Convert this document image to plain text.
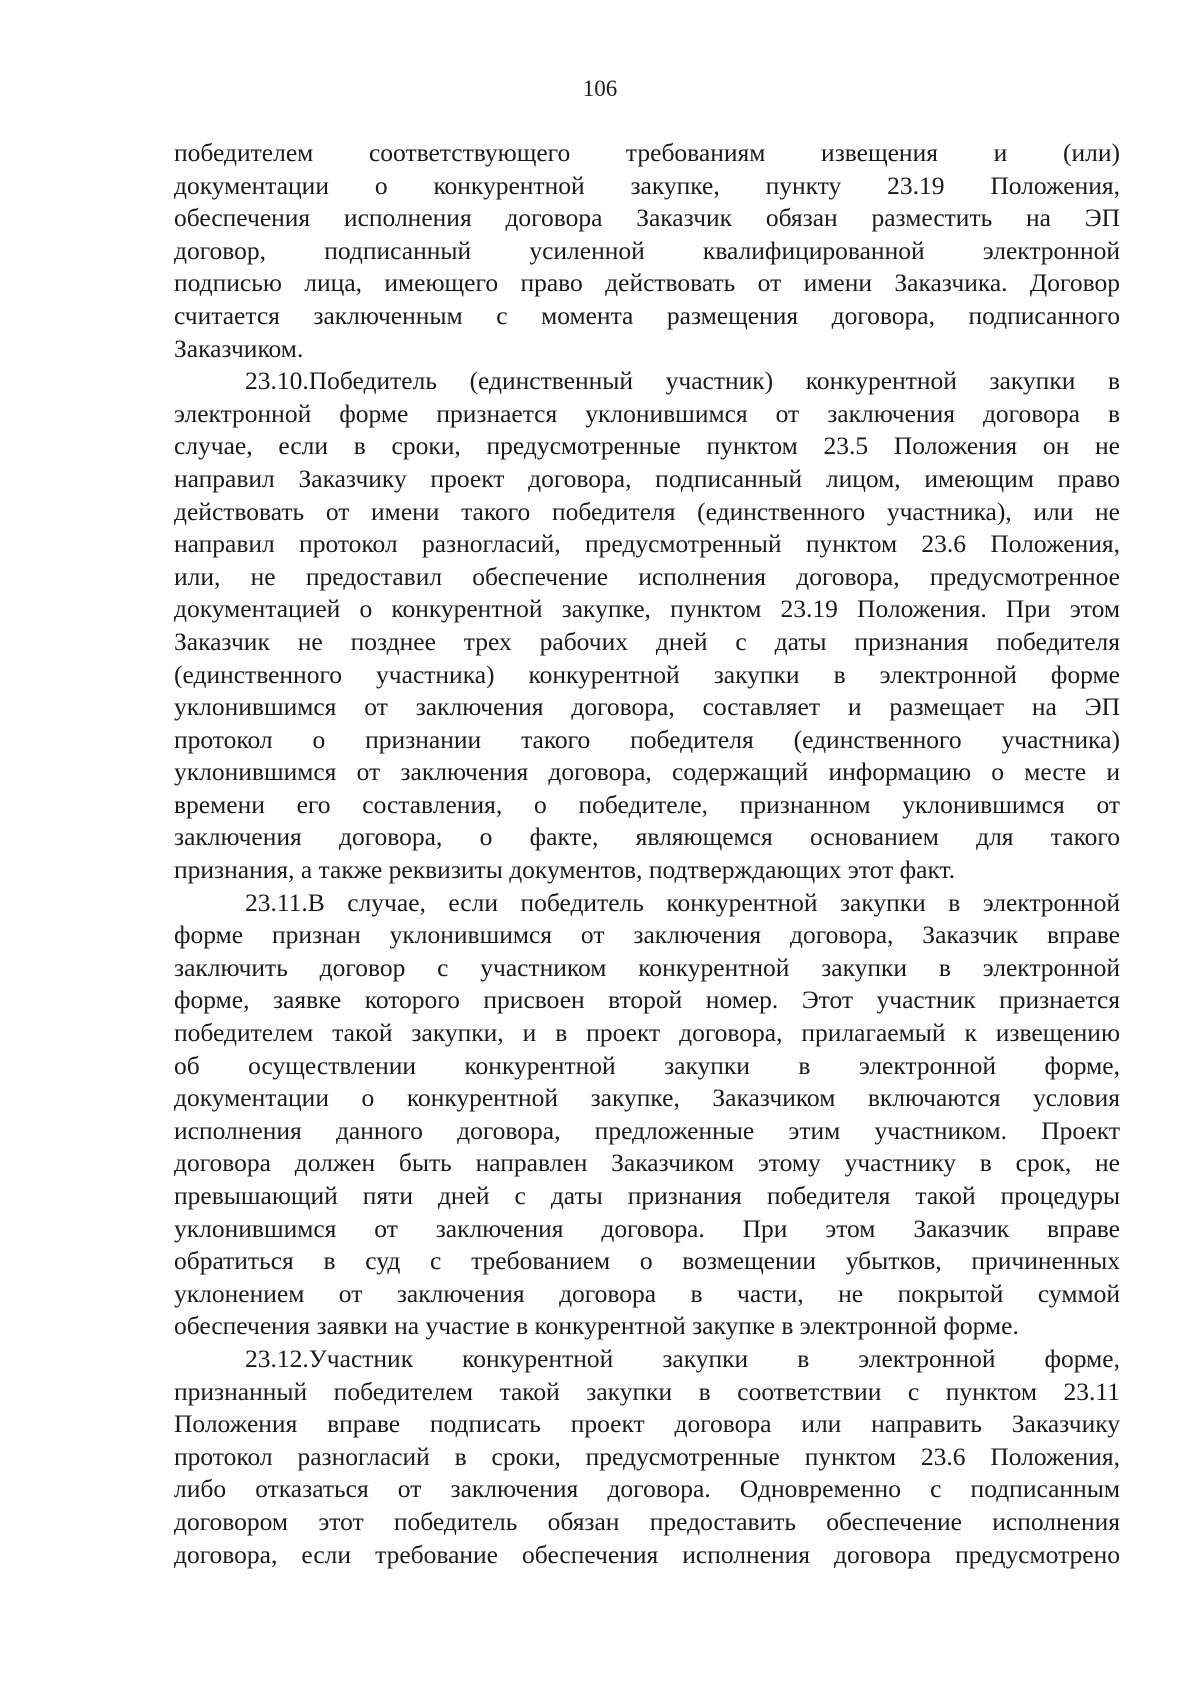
106
победителем соответствующего требованиям извещения и (или)
документации о конкурентной закупке, пункту 23.19 Положения,
обеспечения исполнения договора Заказчик обязан разместить на ЭП
договор, подписанный усиленной квалифицированной электронной
подписью лица, имеющего право действовать от имени Заказчика. Договор
считается заключенным с момента размещения договора, подписанного
Заказчиком.
23.10.Победитель (единственный участник) конкурентной закупки в
электронной форме признается уклонившимся от заключения договора в
случае, если в сроки, предусмотренные пунктом 23.5 Положения он не
направил Заказчику проект договора, подписанный лицом, имеющим право
действовать от имени такого победителя (единственного участника), или не
направил протокол разногласий, предусмотренный пунктом 23.6 Положения,
или, не предоставил обеспечение исполнения договора, предусмотренное
документацией о конкурентной закупке, пунктом 23.19 Положения. При этом
Заказчик не позднее трех рабочих дней с даты признания победителя
(единственного участника) конкурентной закупки в электронной форме
уклонившимся от заключения договора, составляет и размещает на ЭП
протокол о признании такого победителя (единственного участника)
уклонившимся от заключения договора, содержащий информацию о месте и
времени его составления, о победителе, признанном уклонившимся от
заключения договора, о факте, являющемся основанием для такого
признания, а также реквизиты документов, подтверждающих этот факт.
23.11.В случае, если победитель конкурентной закупки в электронной
форме признан уклонившимся от заключения договора, Заказчик вправе
заключить договор с участником конкурентной закупки в электронной
форме, заявке которого присвоен второй номер. Этот участник признается
победителем такой закупки, и в проект договора, прилагаемый к извещению
об осуществлении конкурентной закупки в электронной форме,
документации о конкурентной закупке, Заказчиком включаются условия
исполнения данного договора, предложенные этим участником. Проект
договора должен быть направлен Заказчиком этому участнику в срок, не
превышающий пяти дней с даты признания победителя такой процедуры
уклонившимся от заключения договора. При этом Заказчик вправе
обратиться в суд с требованием о возмещении убытков, причиненных
уклонением от заключения договора в части, не покрытой суммой
обеспечения заявки на участие в конкурентной закупке в электронной форме.
23.12.Участник конкурентной закупки в электронной форме,
признанный победителем такой закупки в соответствии с пунктом 23.11
Положения вправе подписать проект договора или направить Заказчику
протокол разногласий в сроки, предусмотренные пунктом 23.6 Положения,
либо отказаться от заключения договора. Одновременно с подписанным
договором этот победитель обязан предоставить обеспечение исполнения
договора, если требование обеспечения исполнения договора предусмотрено
